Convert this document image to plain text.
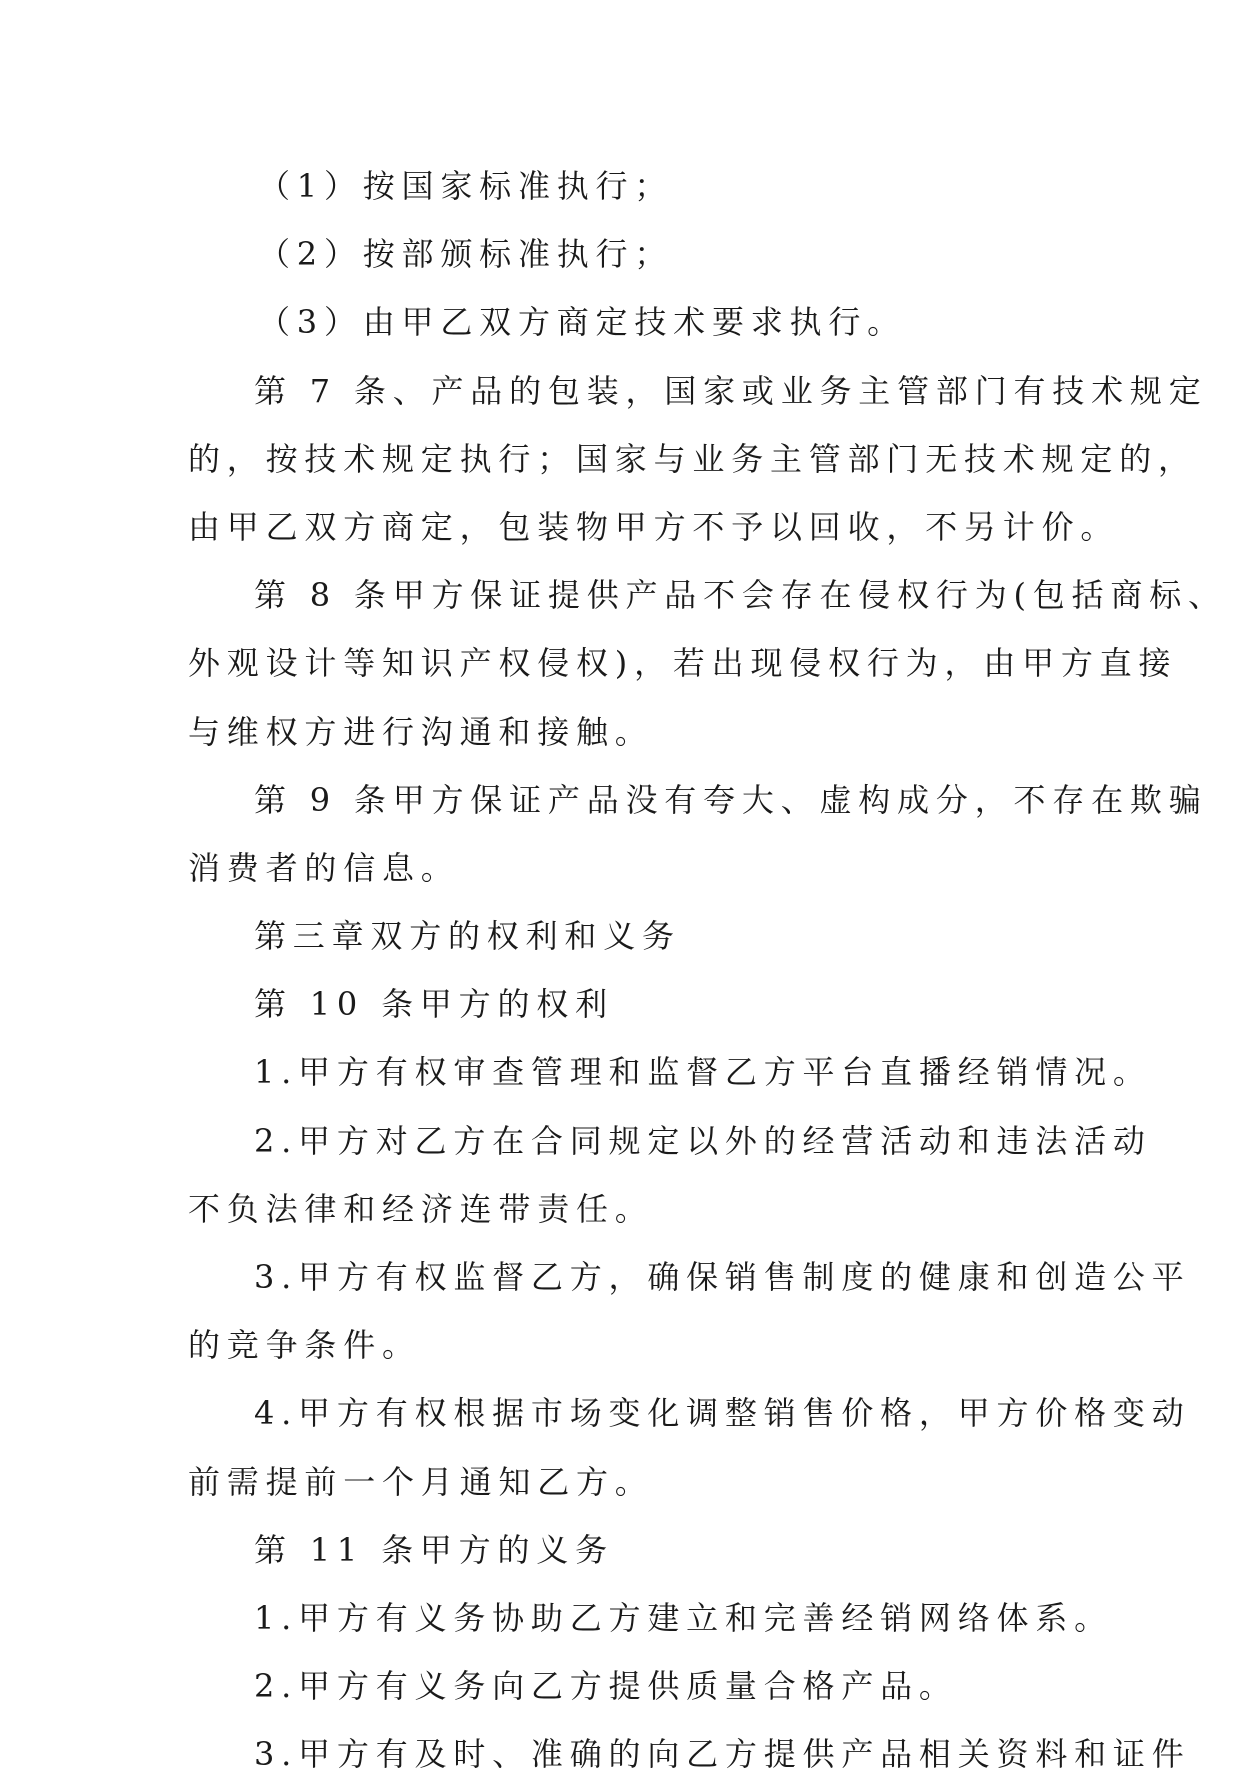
（1）按国家标准执行；
（2）按部颁标准执行；
（3）由甲乙双方商定技术要求执行。
第 7 条、产品的包装，国家或业务主管部门有技术规定
的，按技术规定执行；国家与业务主管部门无技术规定的，
由甲乙双方商定，包装物甲方不予以回收，不另计价。
第 8 条甲方保证提供产品不会存在侵权行为(包括商标、
外观设计等知识产权侵权)，若出现侵权行为，由甲方直接
与维权方进行沟通和接触。
第 9 条甲方保证产品没有夸大、虚构成分，不存在欺骗
消费者的信息。
第三章双方的权利和义务
第 10 条甲方的权利
1.甲方有权审查管理和监督乙方平台直播经销情况。
2.甲方对乙方在合同规定以外的经营活动和违法活动
不负法律和经济连带责任。
3.甲方有权监督乙方，确保销售制度的健康和创造公平
的竞争条件。
4.甲方有权根据市场变化调整销售价格，甲方价格变动
前需提前一个月通知乙方。
第 11 条甲方的义务
1.甲方有义务协助乙方建立和完善经销网络体系。
2.甲方有义务向乙方提供质量合格产品。
3.甲方有及时、准确的向乙方提供产品相关资料和证件
